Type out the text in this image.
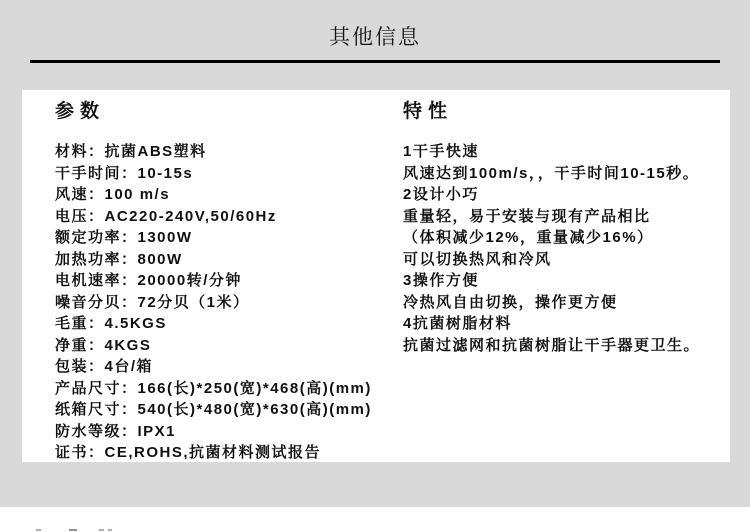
其他信息
参数
材料：抗菌ABS塑料
干手时间：10-15s
风速：100 m/s
电压：AC220-240V,50/60Hz
额定功率：1300W
加热功率：800W
电机速率：20000转/分钟
噪音分贝：72分贝（1米）
毛重：4.5KGS
净重：4KGS
包装：4台/箱
产品尺寸：166(长)*250(宽)*468(高)(mm)
纸箱尺寸：540(长)*480(宽)*630(高)(mm)
防水等级：IPX1
证书：CE,ROHS,抗菌材料测试报告
特性
1干手快速
风速达到100m/s，，干手时间10-15秒。
2设计小巧
重量轻，易于安装与现有产品相比
（体积减少12%，重量减少16%）
可以切换热风和冷风
3操作方便
冷热风自由切换，操作更方便
4抗菌树脂材料
抗菌过滤网和抗菌树脂让干手器更卫生。
